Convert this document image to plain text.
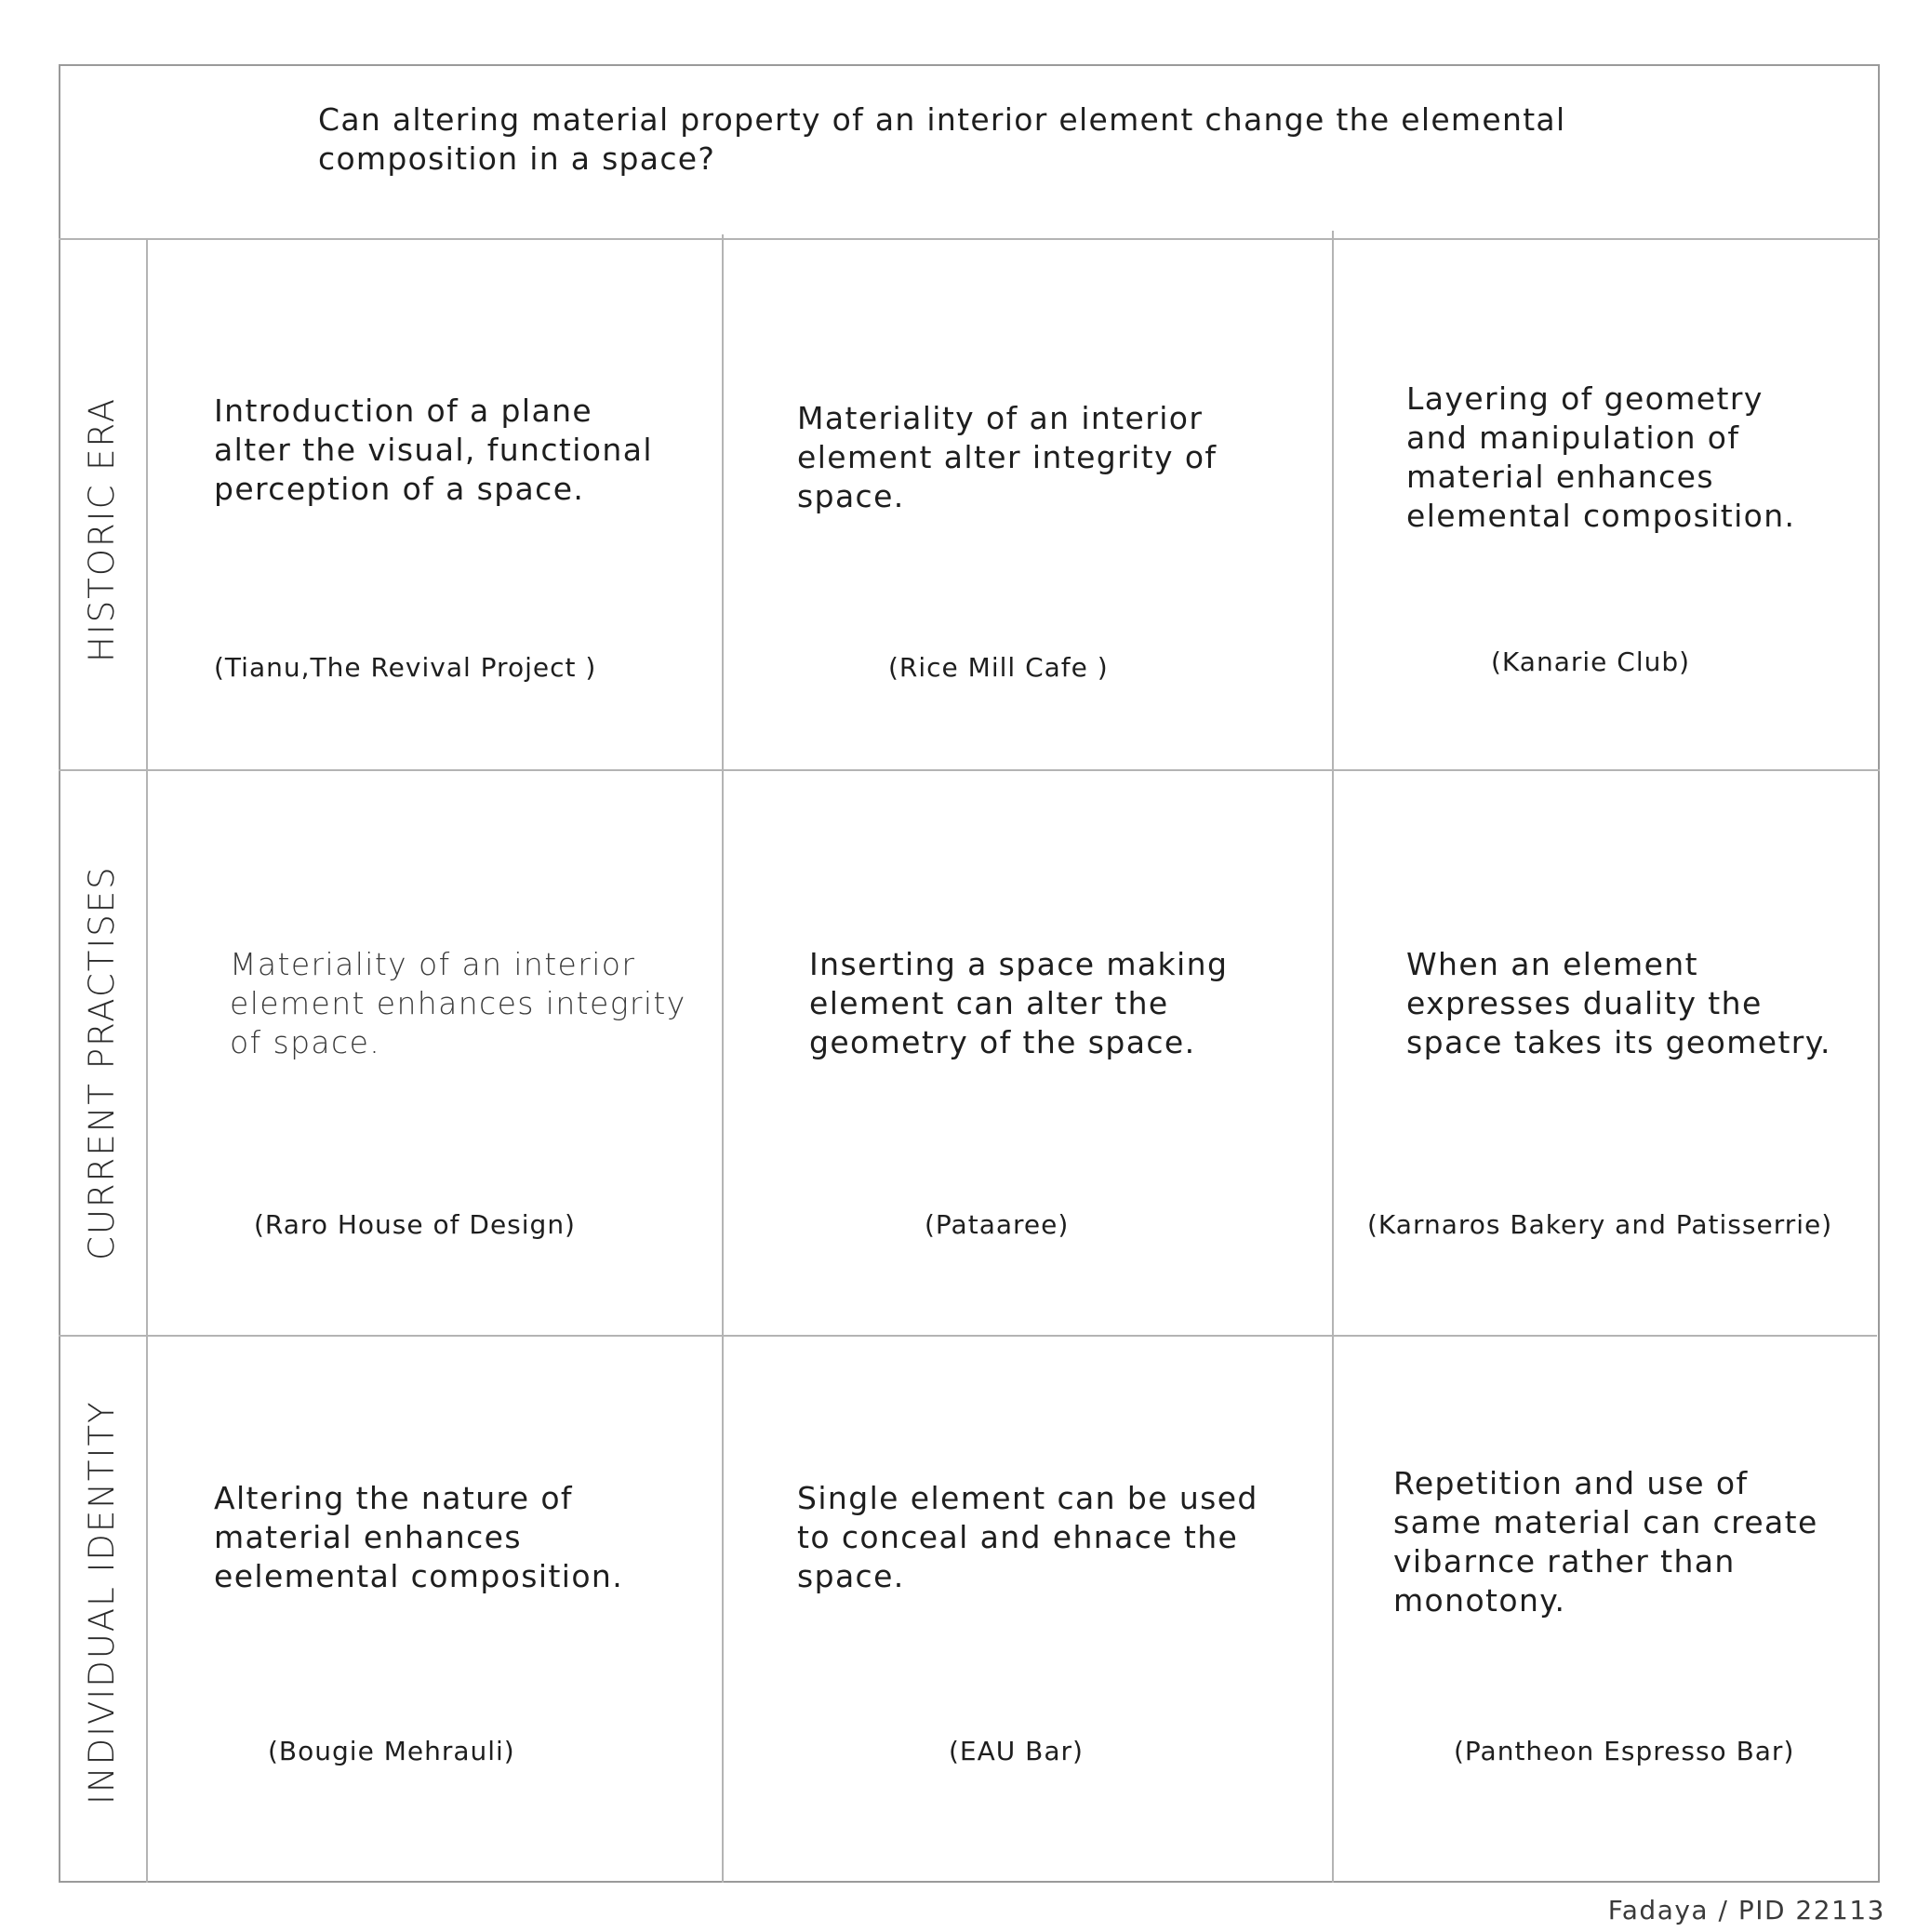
Can altering material property of an interior element change the elemental
composition in a space?
HISTORIC ERA
CURRENT PRACTISES
INDIVIDUAL IDENTITY
Introduction of a plane
alter the visual, functional
perception of a space.
(Tianu,The Revival Project )
Materiality of an interior
element alter integrity of
space.
(Rice Mill Cafe )
Layering of geometry
and manipulation of
material enhances
elemental composition.
(Kanarie Club)
Materiality of an interior
element enhances integrity
of space.
(Raro House of Design)
Inserting a space making
element can alter the
geometry of the space.
(Pataaree)
When an element
expresses duality the
space takes its geometry.
(Karnaros Bakery and Patisserrie)
Altering the nature of
material enhances
eelemental composition.
(Bougie Mehrauli)
Single element can be used
to conceal and ehnace the
space.
(EAU Bar)
Repetition and use of
same material can create
vibarnce rather than
monotony.
(Pantheon Espresso Bar)
Fadaya / PID 22113
